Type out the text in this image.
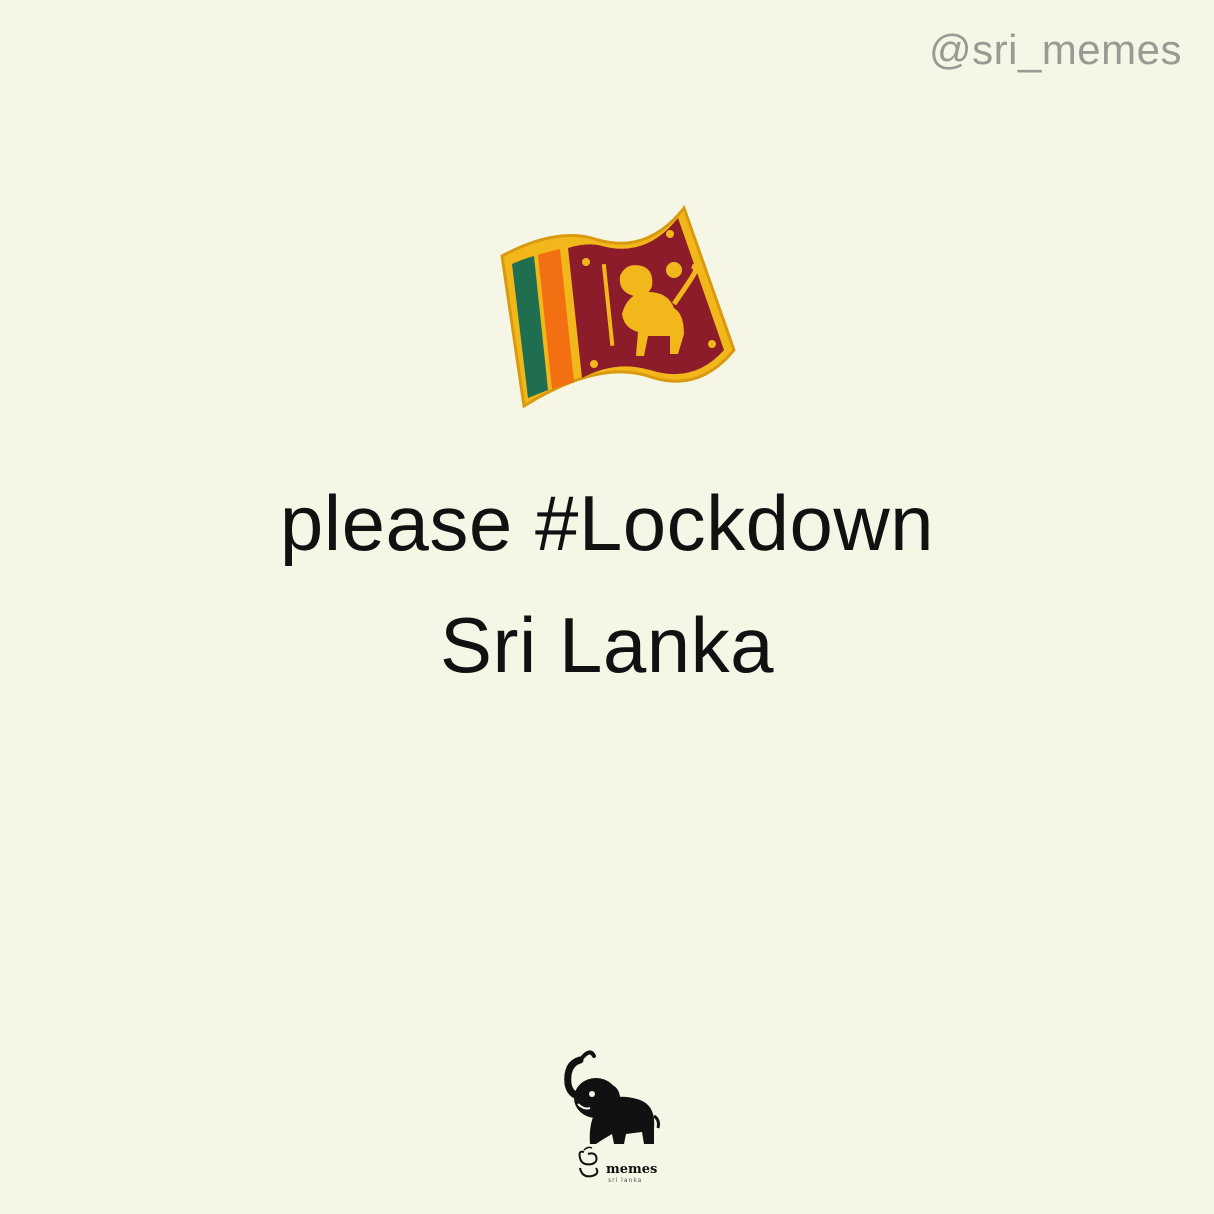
@sri_memes
please #Lockdown
Sri Lanka
memes
sri lanka
